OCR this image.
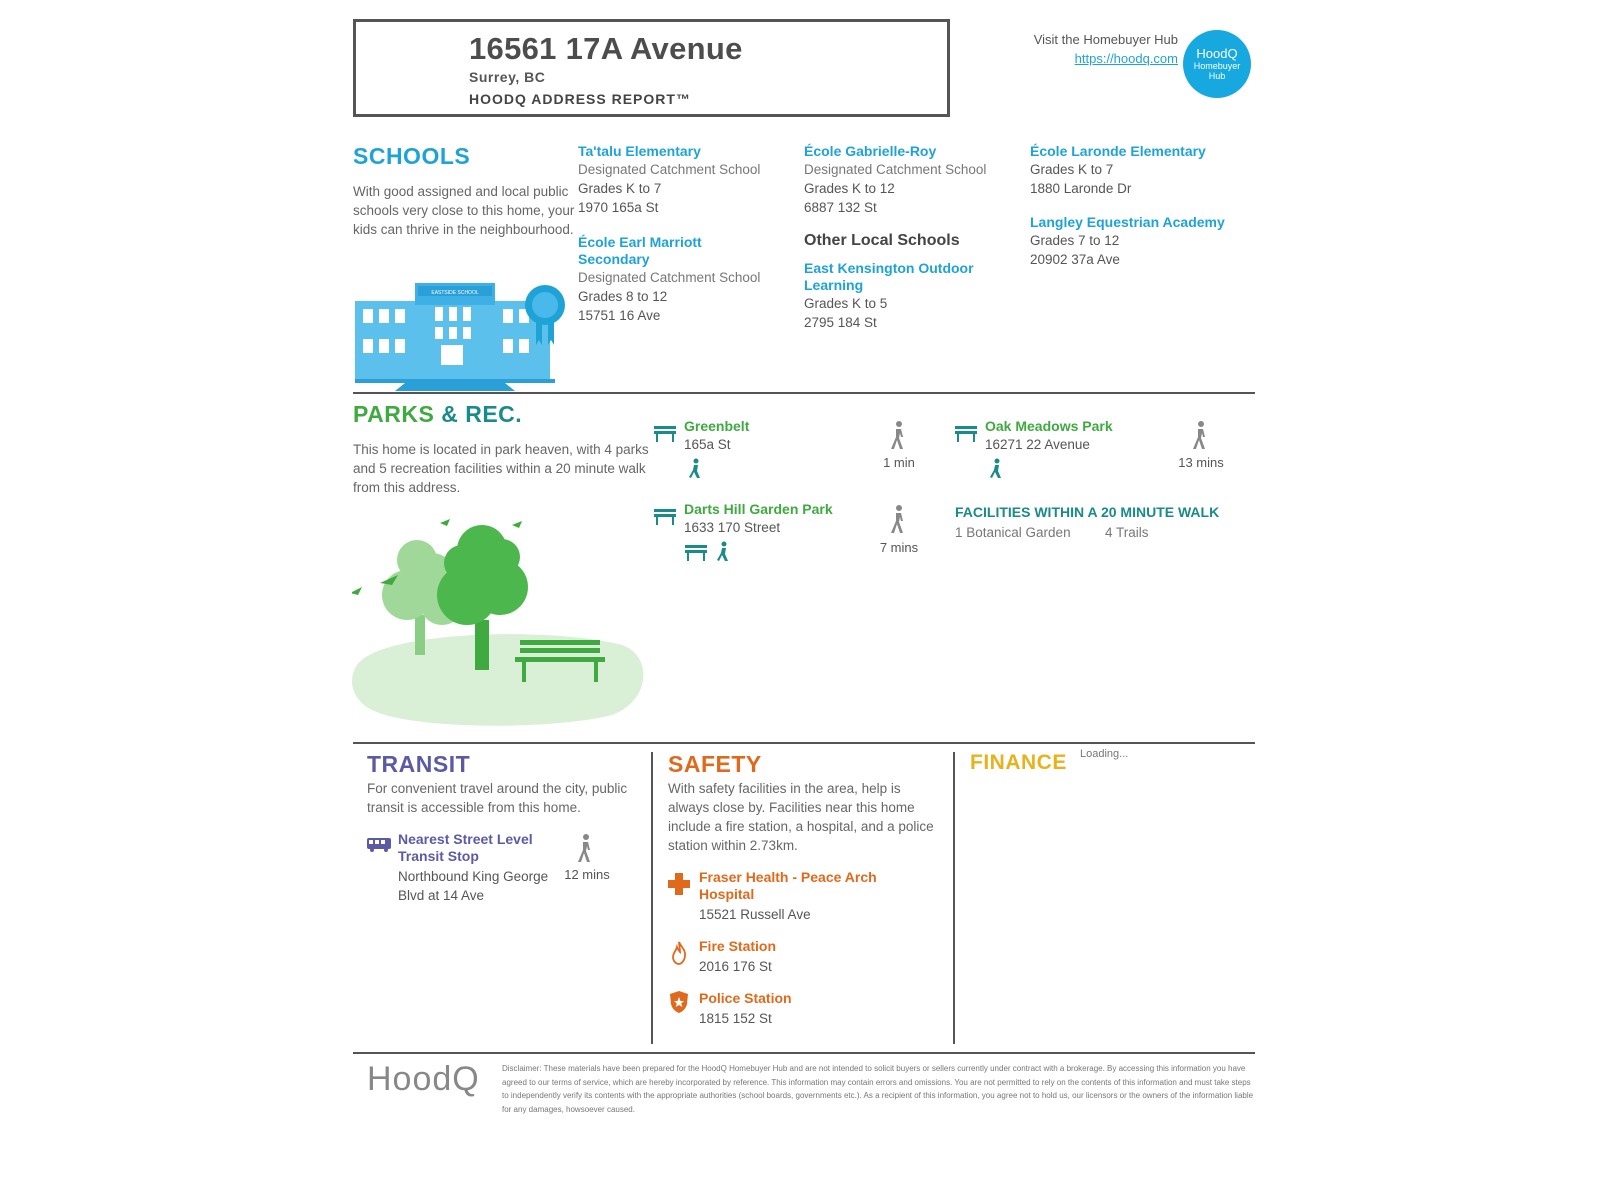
16561 17A Avenue
Surrey, BC
HOODQ ADDRESS REPORT™
Visit the Homebuyer Hub
https://hoodq.com HoodQ
Homebuyer
Hub
SCHOOLS
With good assigned and local public schools very close to this home, your kids can thrive in the neighbourhood.
EASTSIDE SCHOOL
Ta'talu Elementary
Designated Catchment School
Grades K to 7
1970 165a St
École Earl Marriott Secondary
Designated Catchment School
Grades 8 to 12
15751 16 Ave
École Gabrielle-Roy
Designated Catchment School
Grades K to 12
6887 132 St
Other Local Schools
East Kensington Outdoor Learning
Grades K to 5
2795 184 St
École Laronde Elementary
Grades K to 7
1880 Laronde Dr
Langley Equestrian Academy
Grades 7 to 12
20902 37a Ave
PARKS & REC.
This home is located in park heaven, with 4 parks and 5 recreation facilities within a 20 minute walk from this address.
Greenbelt
165a St
1 min
Darts Hill Garden Park
1633 170 Street
7 mins
Oak Meadows Park
16271 22 Avenue
13 mins
FACILITIES WITHIN A 20 MINUTE WALK
1 Botanical Garden	4 Trails
TRANSIT
For convenient travel around the city, public transit is accessible from this home.
Nearest Street Level Transit Stop
Northbound King George Blvd at 14 Ave
12 mins
SAFETY
With safety facilities in the area, help is always close by. Facilities near this home include a fire station, a hospital, and a police station within 2.73km.
Fraser Health - Peace Arch Hospital
15521 Russell Ave
Fire Station
2016 176 St
Police Station
1815 152 St
FINANCE Loading...
HoodQ	Disclaimer: These materials have been prepared for the HoodQ Homebuyer Hub and are not intended to solicit buyers or sellers currently under contract with a brokerage. By accessing this information you have agreed to our terms of service, which are hereby incorporated by reference. This information may contain errors and omissions. You are not permitted to rely on the contents of this information and must take steps to independently verify its contents with the appropriate authorities (school boards, governments etc.). As a recipient of this information, you agree not to hold us, our licensors or the owners of the information liable for any damages, howsoever caused.
